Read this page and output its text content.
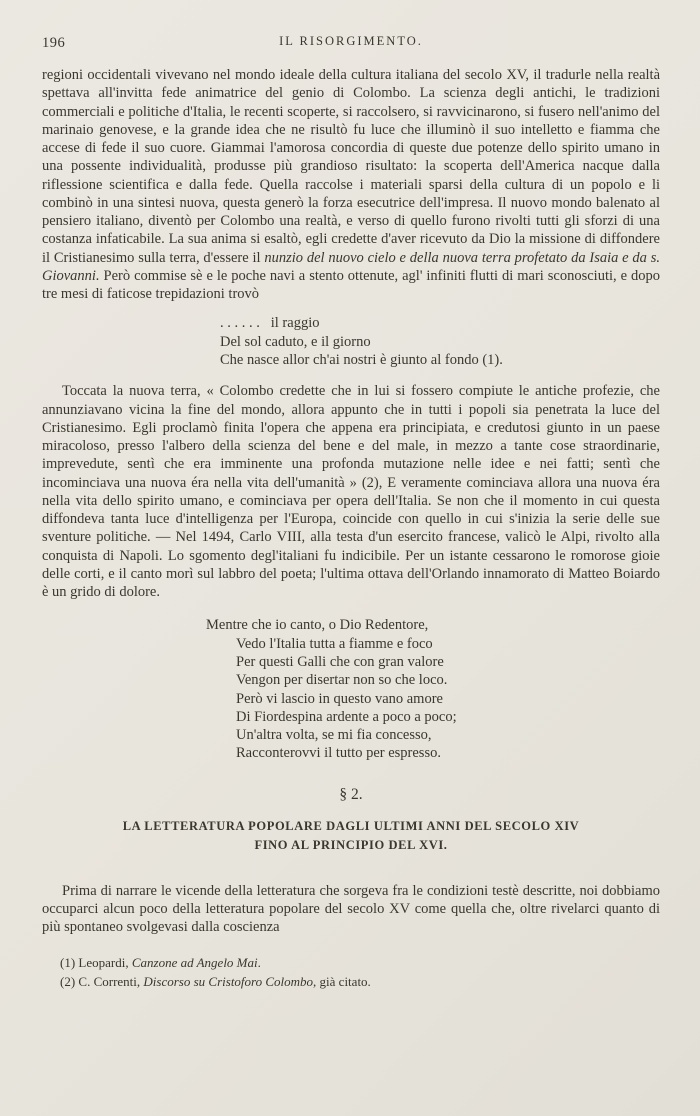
196	IL RISORGIMENTO.

regioni occidentali vivevano nel mondo ideale della cultura italiana del secolo XV, il tradurle nella realtà spettava all'invitta fede animatrice del genio di Colombo. La scienza degli antichi, le tradizioni commerciali e politiche d'Italia, le recenti scoperte, si raccolsero, si ravvicinarono, si fusero nell'animo del marinaio genovese, e la grande idea che ne risultò fu luce che illuminò il suo intelletto e fiamma che accese di fede il suo cuore. Giammai l'amorosa concordia di queste due potenze dello spirito umano in una possente individualità, produsse più grandioso risultato: la scoperta dell'America nacque dalla riflessione scientifica e dalla fede. Quella raccolse i materiali sparsi della cultura di un popolo e li combinò in una sintesi nuova, questa generò la forza esecutrice dell'impresa. Il nuovo mondo balenato al pensiero italiano, diventò per Colombo una realtà, e verso di quello furono rivolti tutti gli sforzi di una costanza infaticabile. La sua anima si esaltò, egli credette d'aver ricevuto da Dio la missione di diffondere il Cristianesimo sulla terra, d'essere il nunzio del nuovo cielo e della nuova terra profetato da Isaia e da s. Giovanni. Però commise sè e le poche navi a stento ottenute, agl' infiniti flutti di mari sconosciuti, e dopo tre mesi di faticose trepidazioni trovò

. . . . . .   il raggio
Del sol caduto, e il giorno
Che nasce allor ch'ai nostri è giunto al fondo (1).

Toccata la nuova terra, « Colombo credette che in lui si fossero compiute le antiche profezie, che annunziavano vicina la fine del mondo, allora appunto che in tutti i popoli sia penetrata la luce del Cristianesimo. Egli proclamò finita l'opera che appena era principiata, e credutosi giunto in un paese miracoloso, presso l'albero della scienza del bene e del male, in mezzo a tante cose straordinarie, imprevedute, sentì che era imminente una profonda mutazione nelle idee e nei fatti; sentì che incominciava una nuova éra nella vita dell'umanità » (2), E veramente cominciava allora una nuova éra nella vita dello spirito umano, e cominciava per opera dell'Italia. Se non che il momento in cui questa diffondeva tanta luce d'intelligenza per l'Europa, coincide con quello in cui s'inizia la serie delle sue sventure politiche. — Nel 1494, Carlo VIII, alla testa d'un esercito francese, valicò le Alpi, rivolto alla conquista di Napoli. Lo sgomento degl'italiani fu indicibile. Per un istante cessarono le romorose gioie delle corti, e il canto morì sul labbro del poeta; l'ultima ottava dell'Orlando innamorato di Matteo Boiardo è un grido di dolore.

Mentre che io canto, o Dio Redentore,
Vedo l'Italia tutta a fiamme e foco
Per questi Galli che con gran valore
Vengon per disertar non so che loco.
Però vi lascio in questo vano amore
Di Fiordespina ardente a poco a poco;
Un'altra volta, se mi fia concesso,
Racconterovvi il tutto per espresso.
§ 2.
LA LETTERATURA POPOLARE DAGLI ULTIMI ANNI DEL SECOLO XIV
FINO AL PRINCIPIO DEL XVI.

Prima di narrare le vicende della letteratura che sorgeva fra le condizioni testè descritte, noi dobbiamo occuparci alcun poco della letteratura popolare del secolo XV come quella che, oltre rivelarci quanto di più spontaneo svolgevasi dalla coscienza

(1) Leopardi, Canzone ad Angelo Mai.
(2) C. Correnti, Discorso su Cristoforo Colombo, già citato.
